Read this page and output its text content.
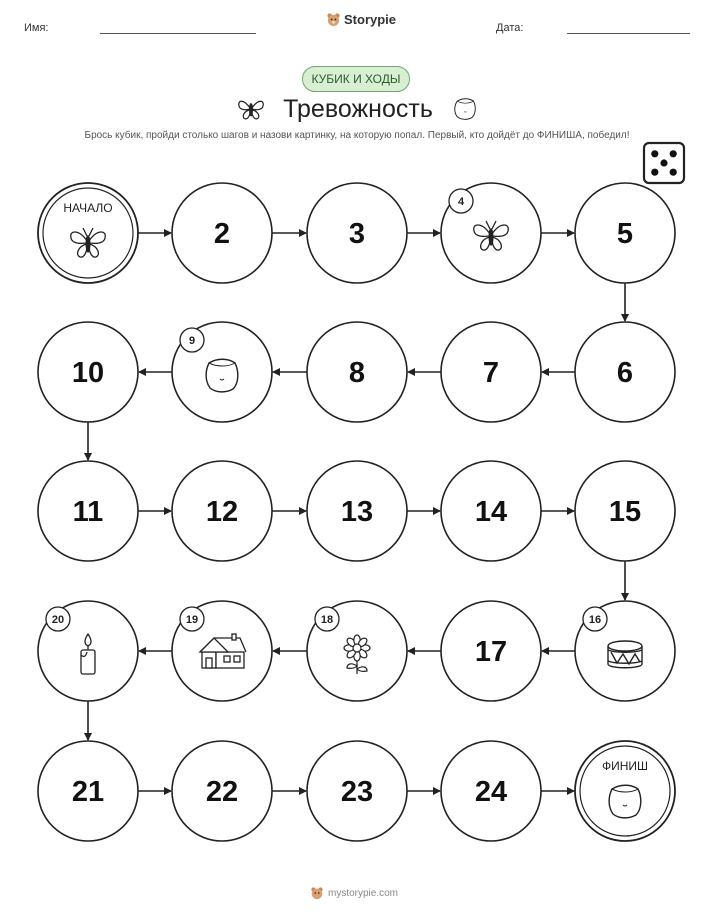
Имя:
Storypie
Дата:
КУБИК И ХОДЫ
Тревожность
Брось кубик, пройди столько шагов и назови картинку, на которую попал. Первый, кто дойдёт до ФИНИША, победил!
НАЧАЛО
2	3
4
5
6
7
8
9
10
11	12	13	14	15
16
17
18
19
20
21	22	23	24
ФИНИШ
mystorypie.com
